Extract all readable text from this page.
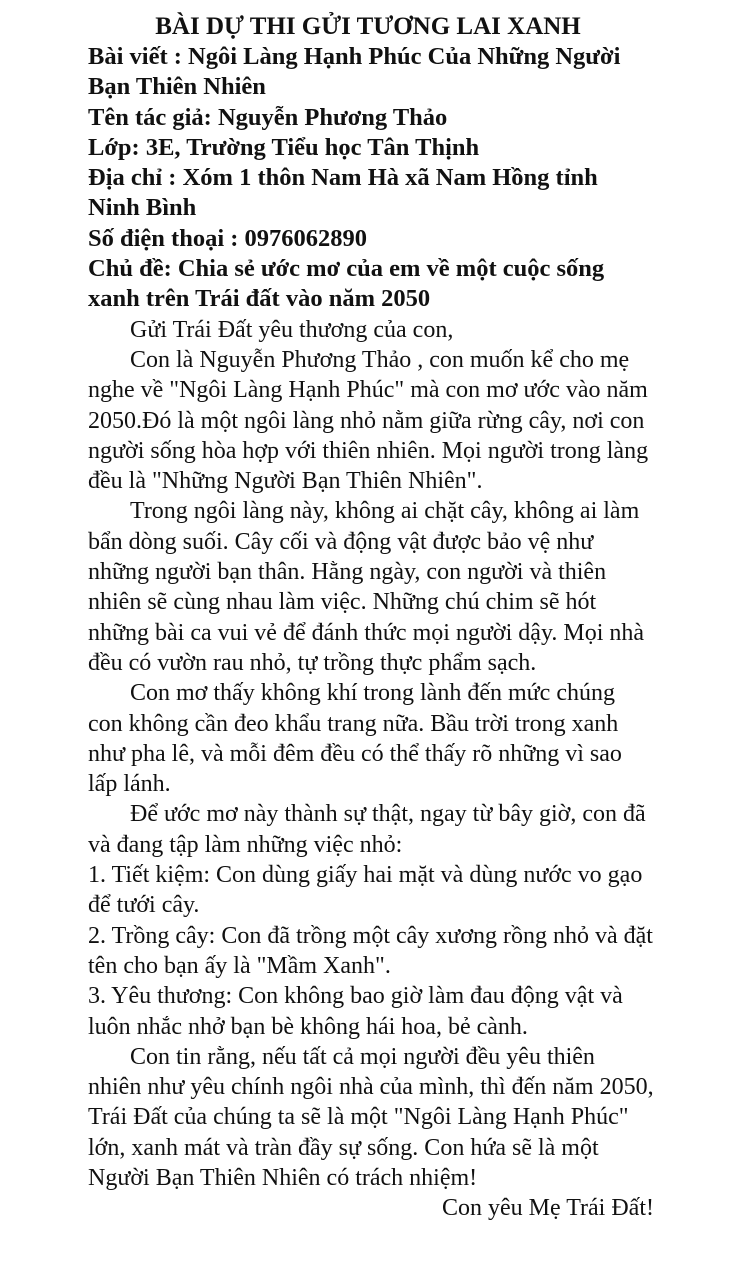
BÀI DỰ THI GỬI TƯƠNG LAI XANH
Bài viết : Ngôi Làng Hạnh Phúc Của Những Người Bạn Thiên Nhiên
Tên tác giả: Nguyễn Phương Thảo
Lớp: 3E, Trường Tiểu học Tân Thịnh
Địa chỉ : Xóm 1 thôn Nam Hà xã Nam Hồng tỉnh Ninh Bình
Số điện thoại : 0976062890
Chủ đề: Chia sẻ ước mơ của em về một cuộc sống xanh trên Trái đất vào năm 2050
Gửi Trái Đất yêu thương của con,
Con là Nguyễn Phương Thảo , con muốn kể cho mẹ nghe về "Ngôi Làng Hạnh Phúc" mà con mơ ước vào năm 2050.Đó là một ngôi làng nhỏ nằm giữa rừng cây, nơi con người sống hòa hợp với thiên nhiên. Mọi người trong làng đều là "Những Người Bạn Thiên Nhiên".
Trong ngôi làng này, không ai chặt cây, không ai làm bẩn dòng suối. Cây cối và động vật được bảo vệ như những người bạn thân. Hằng ngày, con người và thiên nhiên sẽ cùng nhau làm việc. Những chú chim sẽ hót những bài ca vui vẻ để đánh thức mọi người dậy. Mọi nhà đều có vườn rau nhỏ, tự trồng thực phẩm sạch.
Con mơ thấy không khí trong lành đến mức chúng con không cần đeo khẩu trang nữa. Bầu trời trong xanh như pha lê, và mỗi đêm đều có thể thấy rõ những vì sao lấp lánh.
Để ước mơ này thành sự thật, ngay từ bây giờ, con đã và đang tập làm những việc nhỏ:
1. Tiết kiệm: Con dùng giấy hai mặt và dùng nước vo gạo để tưới cây.
2. Trồng cây: Con đã trồng một cây xương rồng nhỏ và đặt tên cho bạn ấy là "Mầm Xanh".
3. Yêu thương: Con không bao giờ làm đau động vật và luôn nhắc nhở bạn bè không hái hoa, bẻ cành.
Con tin rằng, nếu tất cả mọi người đều yêu thiên nhiên như yêu chính ngôi nhà của mình, thì đến năm 2050, Trái Đất của chúng ta sẽ là một "Ngôi Làng Hạnh Phúc" lớn, xanh mát và tràn đầy sự sống. Con hứa sẽ là một Người Bạn Thiên Nhiên có trách nhiệm!
Con yêu Mẹ Trái Đất!
